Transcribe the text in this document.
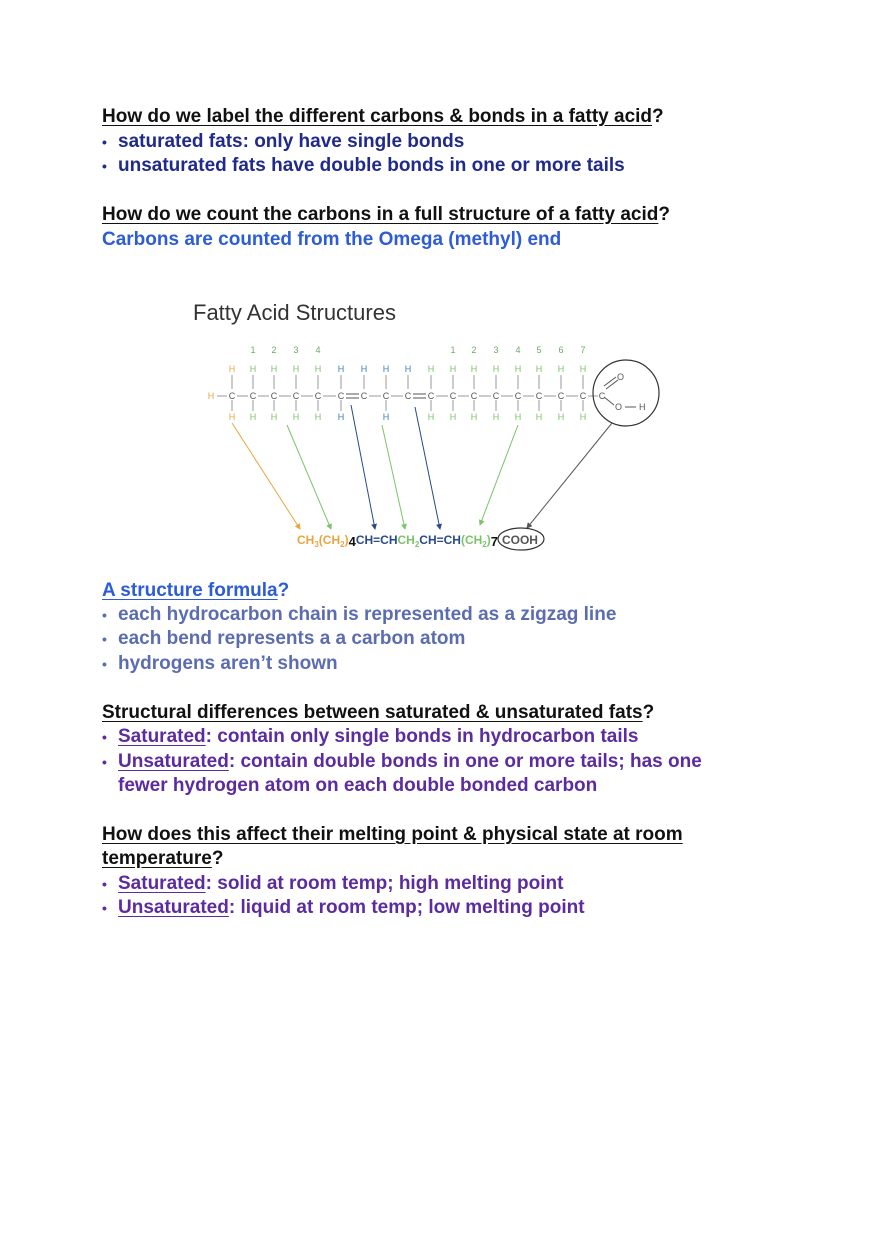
How do we label the different carbons & bonds in a fatty acid?
• saturated fats: only have single bonds
• unsaturated fats have double bonds in one or more tails
How do we count the carbons in a full structure of a fatty acid?
Carbons are counted from the Omega (methyl) end
Fatty Acid Structures
1 2 3 4	1 2 3 4 5 6 7
H
H
C
H
H
C
H
H
C
H
H
C
H
H
C
H
H
C
H
H
C
H
C
H
H
C
H
C
H
H
C
H
H
C
H
H
C
H
H
C
H
H
C
H
H
C
H
H
C
H
C
O
O H
$CH_3(CH_2)4CH=CHCH_2CH=CH(CH_2)7$ COOH
A structure formula?
• each hydrocarbon chain is represented as a zigzag line
• each bend represents a a carbon atom
• hydrogens aren’t shown
Structural differences between saturated & unsaturated fats?
• Saturated: contain only single bonds in hydrocarbon tails
• Unsaturated: contain double bonds in one or more tails; has one
fewer hydrogen atom on each double bonded carbon
How does this affect their melting point & physical state at room
temperature?
• Saturated: solid at room temp; high melting point
• Unsaturated: liquid at room temp; low melting point
